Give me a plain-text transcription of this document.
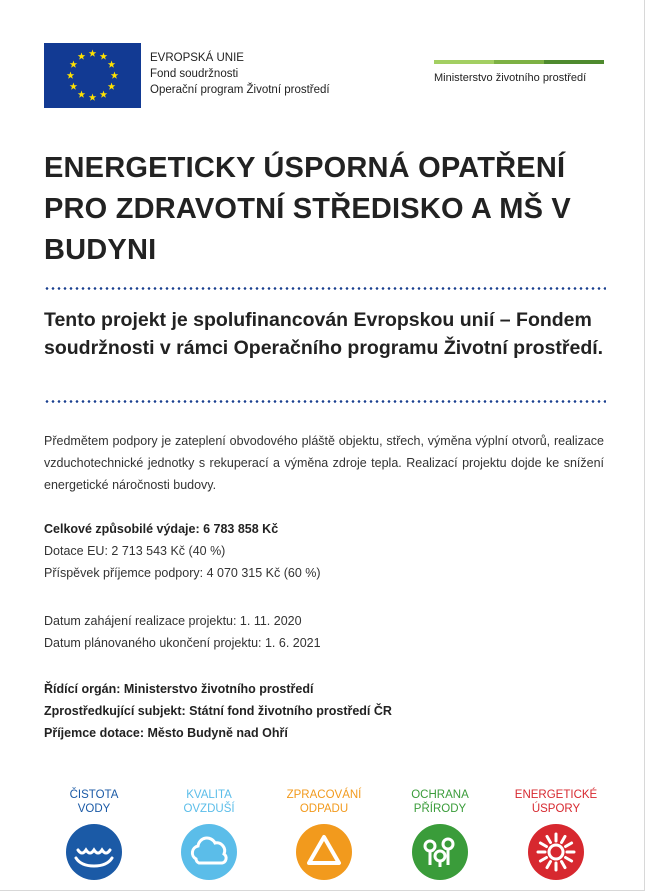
EVROPSKÁ UNIE
Fond soudržnosti
Operační program Životní prostředí
Ministerstvo životního prostředí
ENERGETICKY ÚSPORNÁ OPATŘENÍ PRO ZDRAVOTNÍ STŘEDISKO A MŠ V BUDYNI

Tento projekt je spolufinancován Evropskou unií – Fondem soudržnosti v rámci Operačního programu Životní prostředí.

Předmětem podpory je zateplení obvodového pláště objektu, střech, výměna výplní otvorů, realizace vzduchotechnické jednotky s rekuperací a výměna zdroje tepla. Realizací projektu dojde ke snížení energetické náročnosti budovy.

Celkové způsobilé výdaje: 6 783 858 Kč
Dotace EU: 2 713 543 Kč (40 %)
Příspěvek příjemce podpory: 4 070 315 Kč (60 %)
Datum zahájení realizace projektu: 1. 11. 2020
Datum plánovaného ukončení projektu: 1. 6. 2021
Řídící orgán: Ministerstvo životního prostředí
Zprostředkující subjekt: Státní fond životního prostředí ČR
Příjemce dotace: Město Budyně nad Ohří
ČISTOTA
VODY
KVALITA
OVZDUŠÍ
ZPRACOVÁNÍ
ODPADU
OCHRANA
PŘÍRODY
ENERGETICKÉ
ÚSPORY
